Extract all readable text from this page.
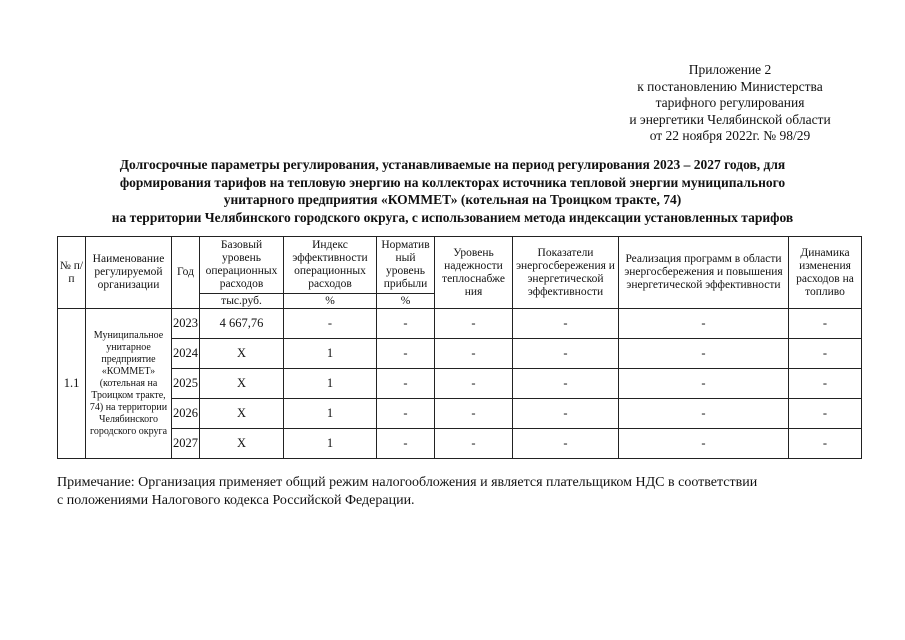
Приложение 2
к постановлению Министерства
тарифного регулирования
и энергетики Челябинской области
от 22 ноября 2022г. № 98/29
Долгосрочные параметры регулирования, устанавливаемые на период регулирования 2023 – 2027 годов, для
формирования тарифов на тепловую энергию на коллекторах источника тепловой энергии муниципального
унитарного предприятия «КОММЕТ» (котельная на Троицком тракте, 74)
на территории Челябинского городского округа, с использованием метода индексации установленных тарифов
№ п/п	Наименование регулируемой организации	Год	Базовый уровень операционных расходов	Индекс эффективности операционных расходов	Норматив ный уровень прибыли	Уровень надежности теплоснабже ния	Показатели энергосбережения и энергетической эффективности	Реализация программ в области энергосбережения и повышения энергетической эффективности	Динамика изменения расходов на топливо
			тыс.руб.	%	%				
1.1	Муниципальное унитарное предприятие «КОММЕТ» (котельная на Троицком тракте, 74) на территории Челябинского городского округа	2023	4 667,76	-	-	-	-	-	-
		2024	X	1	-	-	-	-	-
		2025	X	1	-	-	-	-	-
		2026	X	1	-	-	-	-	-
		2027	X	1	-	-	-	-	-
Примечание: Организация применяет общий режим налогообложения и является плательщиком НДС в соответствии
с положениями Налогового кодекса Российской Федерации.
